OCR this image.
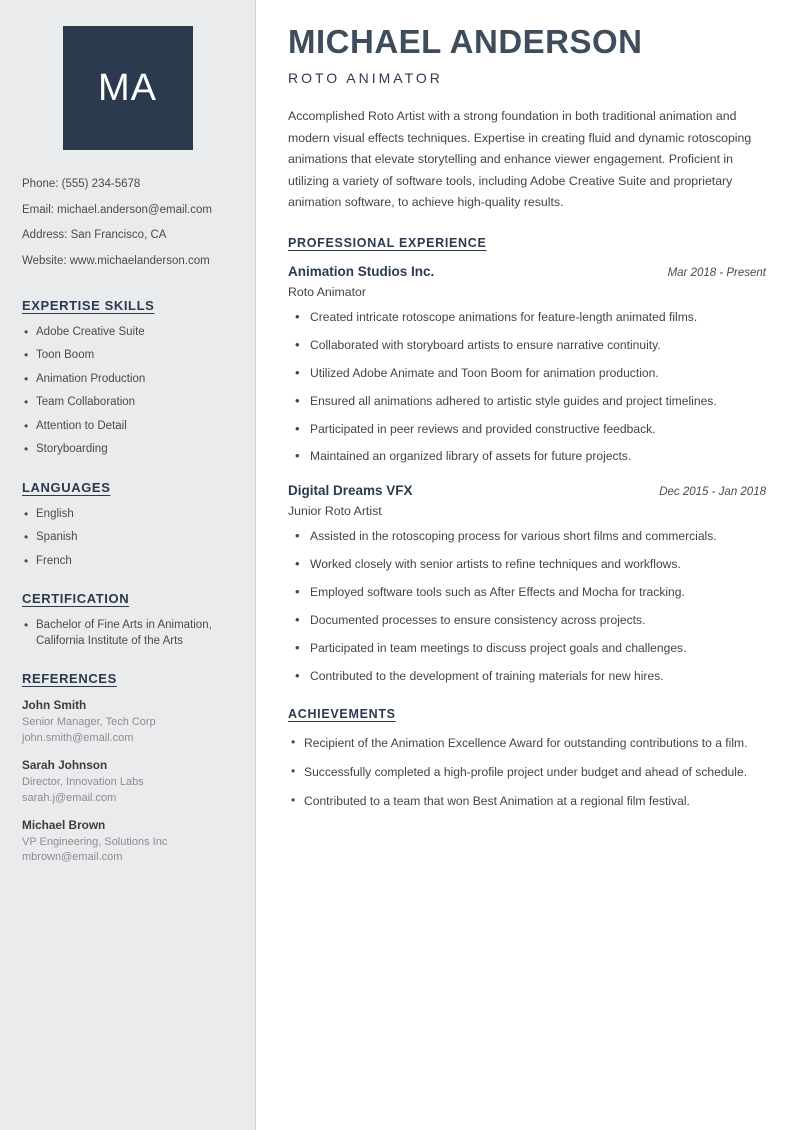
MA
Phone: (555) 234-5678
Email: michael.anderson@email.com
Address: San Francisco, CA
Website: www.michaelanderson.com
EXPERTISE SKILLS
• Adobe Creative Suite
• Toon Boom
• Animation Production
• Team Collaboration
• Attention to Detail
• Storyboarding
LANGUAGES
• English
• Spanish
• French
CERTIFICATION
• Bachelor of Fine Arts in Animation, California Institute of the Arts
REFERENCES
John Smith
Senior Manager, Tech Corp
john.smith@email.com
Sarah Johnson
Director, Innovation Labs
sarah.j@email.com
Michael Brown
VP Engineering, Solutions Inc
mbrown@email.com
MICHAEL ANDERSON
ROTO ANIMATOR

Accomplished Roto Artist with a strong foundation in both traditional animation and modern visual effects techniques. Expertise in creating fluid and dynamic rotoscoping animations that elevate storytelling and enhance viewer engagement. Proficient in utilizing a variety of software tools, including Adobe Creative Suite and proprietary animation software, to achieve high-quality results.

PROFESSIONAL EXPERIENCE
Animation Studios Inc.	Mar 2018 - Present
Roto Animator
• Created intricate rotoscope animations for feature-length animated films.
• Collaborated with storyboard artists to ensure narrative continuity.
• Utilized Adobe Animate and Toon Boom for animation production.
• Ensured all animations adhered to artistic style guides and project timelines.
• Participated in peer reviews and provided constructive feedback.
• Maintained an organized library of assets for future projects.
Digital Dreams VFX	Dec 2015 - Jan 2018
Junior Roto Artist
• Assisted in the rotoscoping process for various short films and commercials.
• Worked closely with senior artists to refine techniques and workflows.
• Employed software tools such as After Effects and Mocha for tracking.
• Documented processes to ensure consistency across projects.
• Participated in team meetings to discuss project goals and challenges.
• Contributed to the development of training materials for new hires.
ACHIEVEMENTS
• Recipient of the Animation Excellence Award for outstanding contributions to a film.
• Successfully completed a high-profile project under budget and ahead of schedule.
• Contributed to a team that won Best Animation at a regional film festival.
